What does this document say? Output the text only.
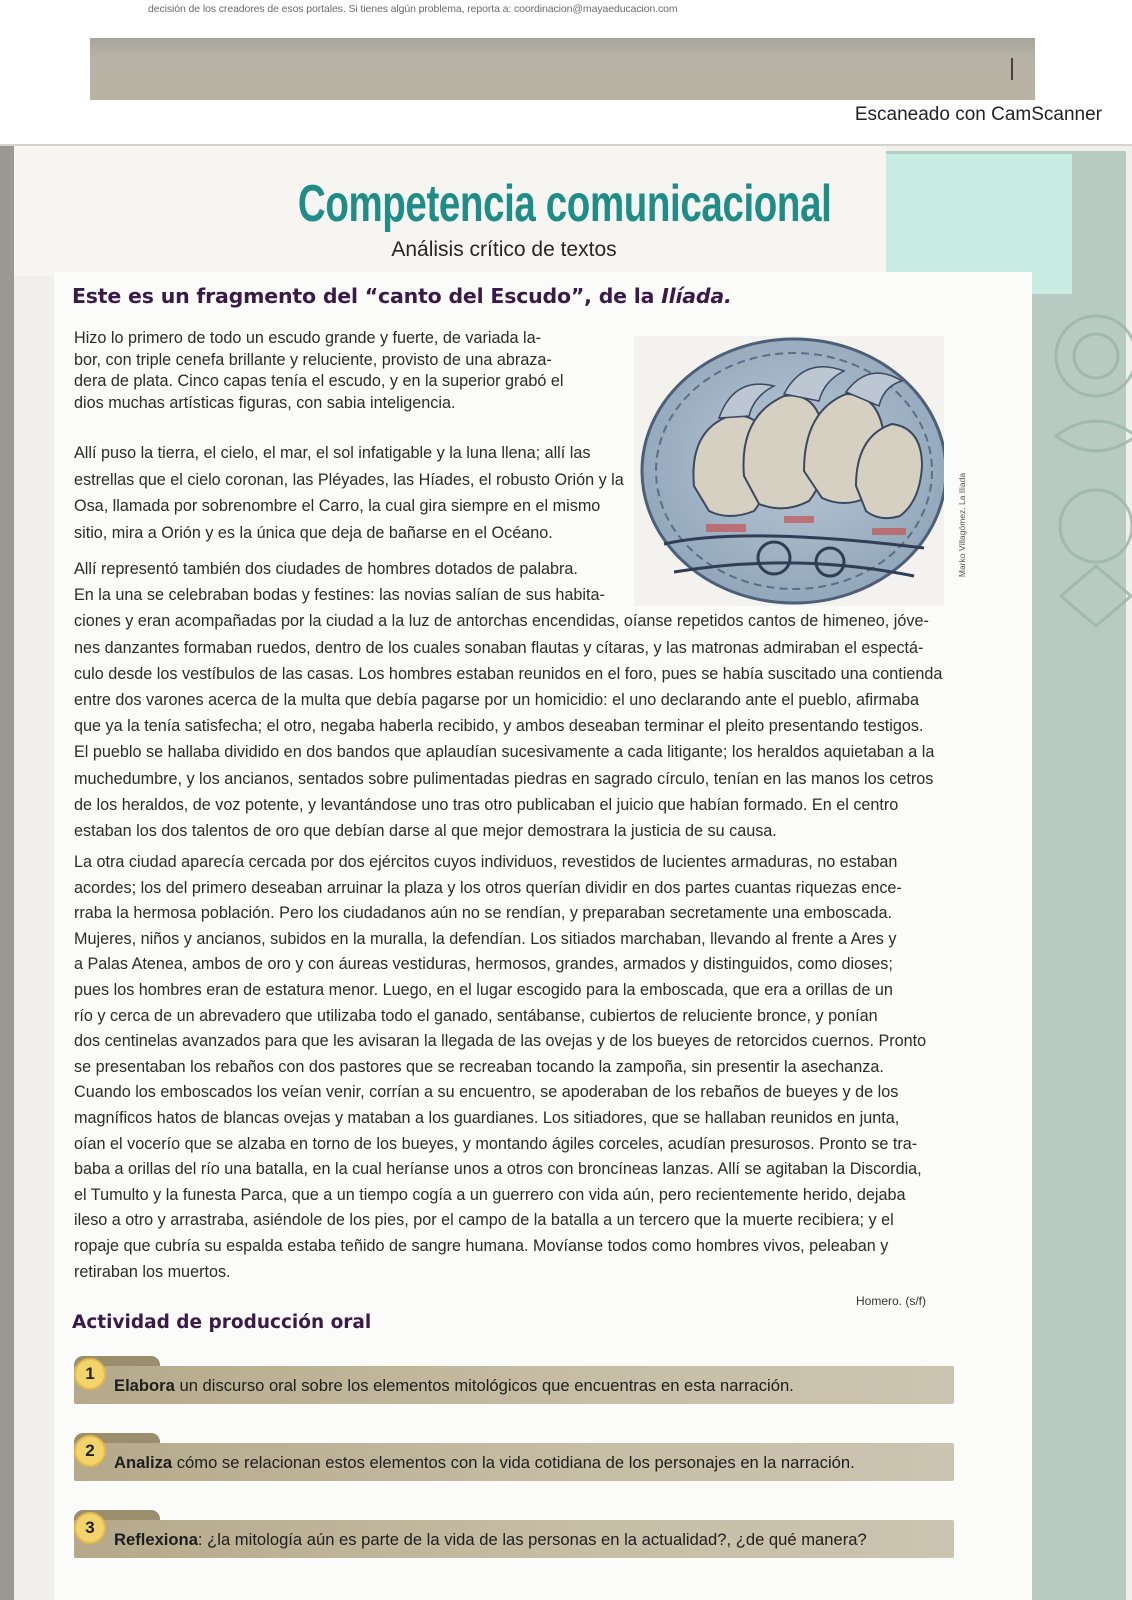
decisión de los creadores de esos portales. Si tienes algún problema, reporta a: coordinacion@mayaeducacion.com
Escaneado con CamScanner
Competencia comunicacional
Análisis crítico de textos
Este es un fragmento del “canto del Escudo”, de la Ilíada.
Hizo lo primero de todo un escudo grande y fuerte, de variada la-
bor, con triple cenefa brillante y reluciente, provisto de una abraza-
dera de plata. Cinco capas tenía el escudo, y en la superior grabó el
dios muchas artísticas figuras, con sabia inteligencia.
Allí puso la tierra, el cielo, el mar, el sol infatigable y la luna llena; allí las
estrellas que el cielo coronan, las Pléyades, las Híades, el robusto Orión y la
Osa, llamada por sobrenombre el Carro, la cual gira siempre en el mismo
sitio, mira a Orión y es la única que deja de bañarse en el Océano.
Allí representó también dos ciudades de hombres dotados de palabra.
En la una se celebraban bodas y festines: las novias salían de sus habita-
ciones y eran acompañadas por la ciudad a la luz de antorchas encendidas, oíanse repetidos cantos de himeneo, jóve-
nes danzantes formaban ruedos, dentro de los cuales sonaban flautas y cítaras, y las matronas admiraban el espectá-
culo desde los vestíbulos de las casas. Los hombres estaban reunidos en el foro, pues se había suscitado una contienda
entre dos varones acerca de la multa que debía pagarse por un homicidio: el uno declarando ante el pueblo, afirmaba
que ya la tenía satisfecha; el otro, negaba haberla recibido, y ambos deseaban terminar el pleito presentando testigos.
El pueblo se hallaba dividido en dos bandos que aplaudían sucesivamente a cada litigante; los heraldos aquietaban a la
muchedumbre, y los ancianos, sentados sobre pulimentadas piedras en sagrado círculo, tenían en las manos los cetros
de los heraldos, de voz potente, y levantándose uno tras otro publicaban el juicio que habían formado. En el centro
estaban los dos talentos de oro que debían darse al que mejor demostrara la justicia de su causa.
La otra ciudad aparecía cercada por dos ejércitos cuyos individuos, revestidos de lucientes armaduras, no estaban
acordes; los del primero deseaban arruinar la plaza y los otros querían dividir en dos partes cuantas riquezas ence-
rraba la hermosa población. Pero los ciudadanos aún no se rendían, y preparaban secretamente una emboscada.
Mujeres, niños y ancianos, subidos en la muralla, la defendían. Los sitiados marchaban, llevando al frente a Ares y
a Palas Atenea, ambos de oro y con áureas vestiduras, hermosos, grandes, armados y distinguidos, como dioses;
pues los hombres eran de estatura menor. Luego, en el lugar escogido para la emboscada, que era a orillas de un
río y cerca de un abrevadero que utilizaba todo el ganado, sentábanse, cubiertos de reluciente bronce, y ponían
dos centinelas avanzados para que les avisaran la llegada de las ovejas y de los bueyes de retorcidos cuernos. Pronto
se presentaban los rebaños con dos pastores que se recreaban tocando la zampoña, sin presentir la asechanza.
Cuando los emboscados los veían venir, corrían a su encuentro, se apoderaban de los rebaños de bueyes y de los
magníficos hatos de blancas ovejas y mataban a los guardianes. Los sitiadores, que se hallaban reunidos en junta,
oían el vocerío que se alzaba en torno de los bueyes, y montando ágiles corceles, acudían presurosos. Pronto se tra-
baba a orillas del río una batalla, en la cual heríanse unos a otros con broncíneas lanzas. Allí se agitaban la Discordia,
el Tumulto y la funesta Parca, que a un tiempo cogía a un guerrero con vida aún, pero recientemente herido, dejaba
ileso a otro y arrastraba, asiéndole de los pies, por el campo de la batalla a un tercero que la muerte recibiera; y el
ropaje que cubría su espalda estaba teñido de sangre humana. Movíanse todos como hombres vivos, peleaban y
retiraban los muertos.
Marko Villagómez. La Iliada
Homero. (s/f)
Actividad de producción oral
1
Elabora un discurso oral sobre los elementos mitológicos que encuentras en esta narración.
2
Analiza cómo se relacionan estos elementos con la vida cotidiana de los personajes en la narración.
3
Reflexiona: ¿la mitología aún es parte de la vida de las personas en la actualidad?, ¿de qué manera?
